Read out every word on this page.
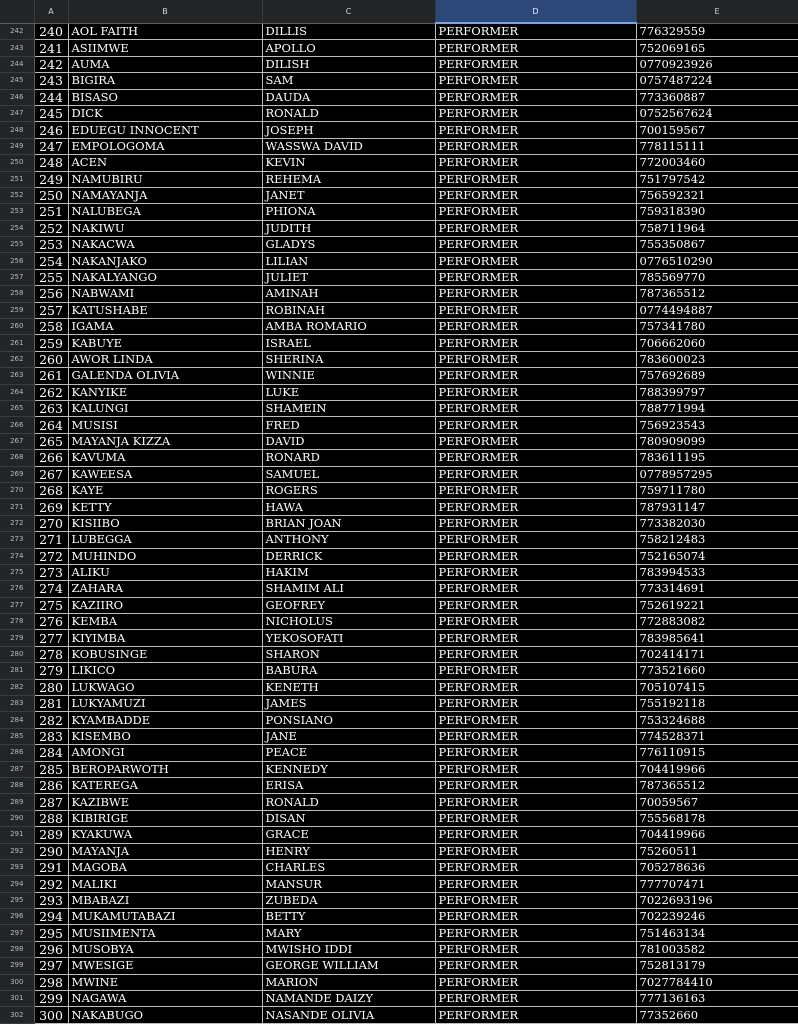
	A	B	C	D	E
242	240	AOL FAITH	DILLIS	PERFORMER	776329559
243	241	ASIIMWE	APOLLO	PERFORMER	752069165
244	242	AUMA	DILISH	PERFORMER	0770923926
245	243	BIGIRA	SAM	PERFORMER	0757487224
246	244	BISASO	DAUDA	PERFORMER	773360887
247	245	DICK	RONALD	PERFORMER	0752567624
248	246	EDUEGU INNOCENT	JOSEPH	PERFORMER	700159567
249	247	EMPOLOGOMA	WASSWA DAVID	PERFORMER	778115111
250	248	ACEN	KEVIN	PERFORMER	772003460
251	249	NAMUBIRU	REHEMA	PERFORMER	751797542
252	250	NAMAYANJA	JANET	PERFORMER	756592321
253	251	NALUBEGA	PHIONA	PERFORMER	759318390
254	252	NAKIWU	JUDITH	PERFORMER	758711964
255	253	NAKACWA	GLADYS	PERFORMER	755350867
256	254	NAKANJAKO	LILIAN	PERFORMER	0776510290
257	255	NAKALYANGO	JULIET	PERFORMER	785569770
258	256	NABWAMI	AMINAH	PERFORMER	787365512
259	257	KATUSHABE	ROBINAH	PERFORMER	0774494887
260	258	IGAMA	AMBA ROMARIO	PERFORMER	757341780
261	259	KABUYE	ISRAEL	PERFORMER	706662060
262	260	AWOR LINDA	SHERINA	PERFORMER	783600023
263	261	GALENDA OLIVIA	WINNIE	PERFORMER	757692689
264	262	KANYIKE	LUKE	PERFORMER	788399797
265	263	KALUNGI	SHAMEIN	PERFORMER	788771994
266	264	MUSISI	FRED	PERFORMER	756923543
267	265	MAYANJA KIZZA	DAVID	PERFORMER	780909099
268	266	KAVUMA	RONARD	PERFORMER	783611195
269	267	KAWEESA	SAMUEL	PERFORMER	0778957295
270	268	KAYE	ROGERS	PERFORMER	759711780
271	269	KETTY	HAWA	PERFORMER	787931147
272	270	KISIIBO	BRIAN JOAN	PERFORMER	773382030
273	271	LUBEGGA	ANTHONY	PERFORMER	758212483
274	272	MUHINDO	DERRICK	PERFORMER	752165074
275	273	ALIKU	HAKIM	PERFORMER	783994533
276	274	ZAHARA	SHAMIM ALI	PERFORMER	773314691
277	275	KAZIIRO	GEOFREY	PERFORMER	752619221
278	276	KEMBA	NICHOLUS	PERFORMER	772883082
279	277	KIYIMBA	YEKOSOFATI	PERFORMER	783985641
280	278	KOBUSINGE	SHARON	PERFORMER	702414171
281	279	LIKICO	BABURA	PERFORMER	773521660
282	280	LUKWAGO	KENETH	PERFORMER	705107415
283	281	LUKYAMUZI	JAMES	PERFORMER	755192118
284	282	KYAMBADDE	PONSIANO	PERFORMER	753324688
285	283	KISEMBO	JANE	PERFORMER	774528371
286	284	AMONGI	PEACE	PERFORMER	776110915
287	285	BEROPARWOTH	KENNEDY	PERFORMER	704419966
288	286	KATEREGA	ERISA	PERFORMER	787365512
289	287	KAZIBWE	RONALD	PERFORMER	70059567
290	288	KIBIRIGE	DISAN	PERFORMER	755568178
291	289	KYAKUWA	GRACE	PERFORMER	704419966
292	290	MAYANJA	HENRY	PERFORMER	75260511
293	291	MAGOBA	CHARLES	PERFORMER	705278636
294	292	MALIKI	MANSUR	PERFORMER	777707471
295	293	MBABAZI	ZUBEDA	PERFORMER	7022693196
296	294	MUKAMUTABAZI	BETTY	PERFORMER	702239246
297	295	MUSIIMENTA	MARY	PERFORMER	751463134
298	296	MUSOBYA	MWISHO IDDI	PERFORMER	781003582
299	297	MWESIGE	GEORGE WILLIAM	PERFORMER	752813179
300	298	MWINE	MARION	PERFORMER	7027784410
301	299	NAGAWA	NAMANDE DAIZY	PERFORMER	777136163
302	300	NAKABUGO	NASANDE OLIVIA	PERFORMER	77352660
